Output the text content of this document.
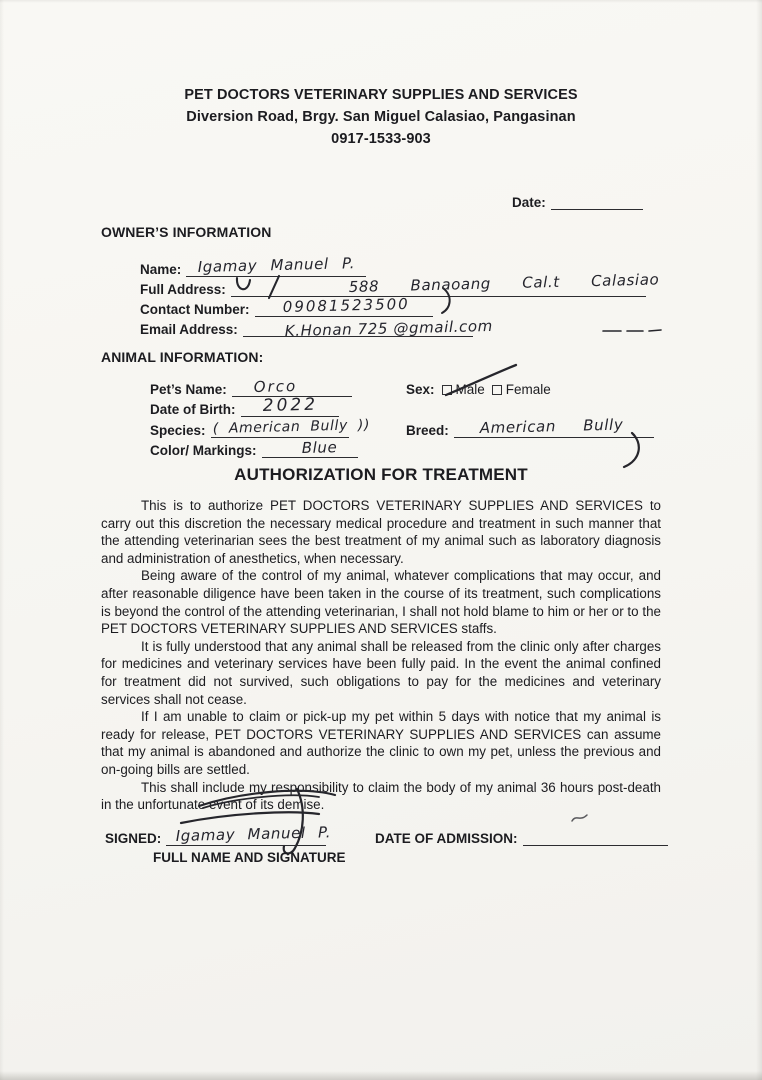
PET DOCTORS VETERINARY SUPPLIES AND SERVICES
Diversion Road, Brgy. San Miguel Calasiao, Pangasinan
0917-1533-903
Date:
OWNER’S INFORMATION
Name: Igamay Manuel P.
Full Address:	588 Banaoang Cal.t Calasiao
Contact Number: 09081523500
Email Address:	K.Honan 725 @gmail.com
ANIMAL INFORMATION:
Pet’s Name: Orco
Date of Birth: 2022
Species: ( American Bully ))
Color/ Markings:	Blue
Sex: Male Female
Breed: American Bully
AUTHORIZATION FOR TREATMENT

This is to authorize PET DOCTORS VETERINARY SUPPLIES AND SERVICES to carry out this discretion the necessary medical procedure and treatment in such manner that the attending veterinarian sees the best treatment of my animal such as laboratory diagnosis and administration of anesthetics, when necessary.

Being aware of the control of my animal, whatever complications that may occur, and after reasonable diligence have been taken in the course of its treatment, such complications is beyond the control of the attending veterinarian, I shall not hold blame to him or her or to the PET DOCTORS VETERINARY SUPPLIES AND SERVICES staffs.

It is fully understood that any animal shall be released from the clinic only after charges for medicines and veterinary services have been fully paid. In the event the animal confined for treatment did not survived, such obligations to pay for the medicines and veterinary services shall not cease.

If I am unable to claim or pick-up my pet within 5 days with notice that my animal is ready for release, PET DOCTORS VETERINARY SUPPLIES AND SERVICES can assume that my animal is abandoned and authorize the clinic to own my pet, unless the previous and on-going bills are settled.

This shall include my responsibility to claim the body of my animal 36 hours post-death in the unfortunate event of its demise.

SIGNED: Igamay Manuel P.
FULL NAME AND SIGNATURE
DATE OF ADMISSION:
